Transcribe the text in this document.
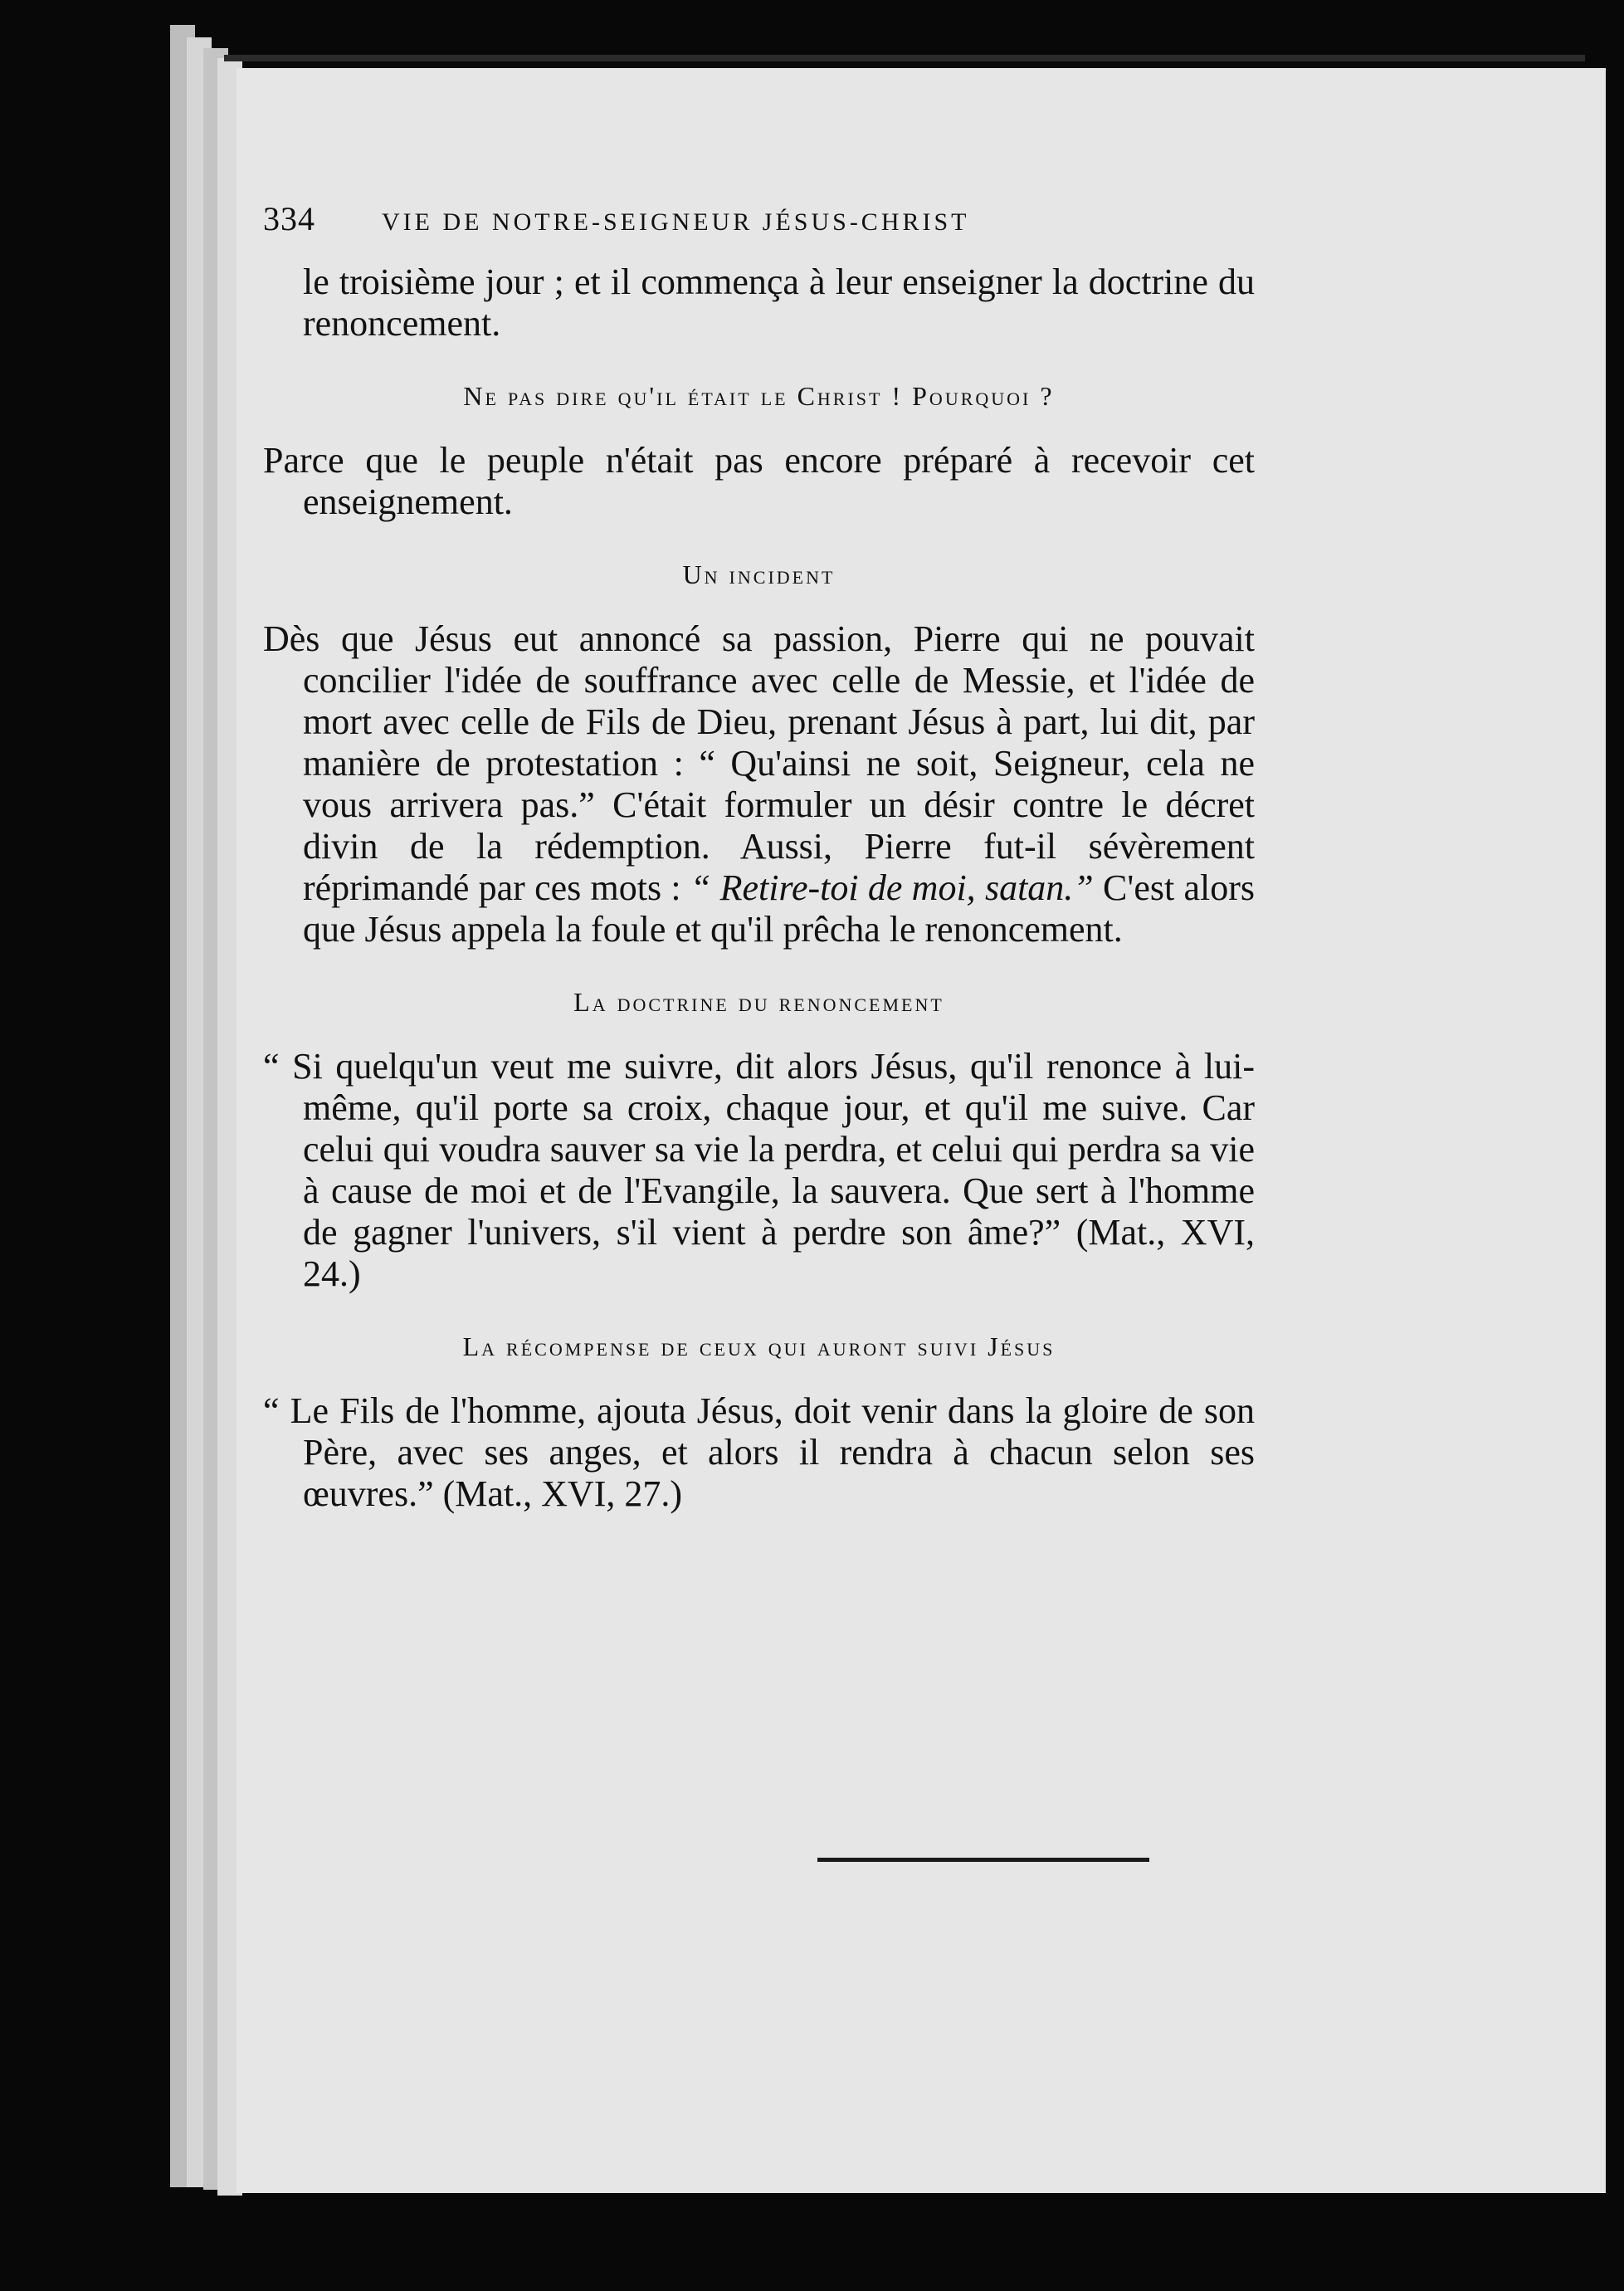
334	VIE DE NOTRE-SEIGNEUR JÉSUS-CHRIST

le troisième jour ; et il commença à leur enseigner la doctrine du renoncement.

Ne pas dire qu'il était le Christ ! Pourquoi ?

Parce que le peuple n'était pas encore préparé à recevoir cet enseignement.

Un incident

Dès que Jésus eut annoncé sa passion, Pierre qui ne pouvait concilier l'idée de souffrance avec celle de Messie, et l'idée de mort avec celle de Fils de Dieu, prenant Jésus à part, lui dit, par manière de protestation : “ Qu'ainsi ne soit, Seigneur, cela ne vous arrivera pas.” C'était formuler un désir contre le décret divin de la rédemption. Aussi, Pierre fut-il sévèrement réprimandé par ces mots : “ Retire-toi de moi, satan.” C'est alors que Jésus appela la foule et qu'il prêcha le renoncement.

La doctrine du renoncement

“ Si quelqu'un veut me suivre, dit alors Jésus, qu'il renonce à lui-même, qu'il porte sa croix, chaque jour, et qu'il me suive. Car celui qui voudra sauver sa vie la perdra, et celui qui perdra sa vie à cause de moi et de l'Evangile, la sauvera. Que sert à l'homme de gagner l'univers, s'il vient à perdre son âme?” (Mat., XVI, 24.)

La récompense de ceux qui auront suivi Jésus

“ Le Fils de l'homme, ajouta Jésus, doit venir dans la gloire de son Père, avec ses anges, et alors il rendra à chacun selon ses œuvres.” (Mat., XVI, 27.)
